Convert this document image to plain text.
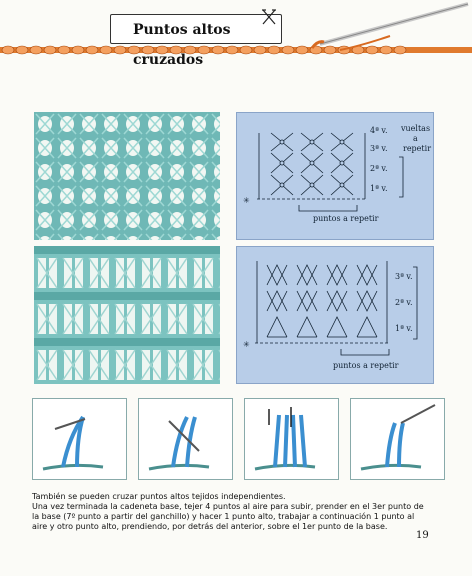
Puntos altos cruzados
4ª v.
3ª v.
2ª v.
1ª v.
vueltas
a
repetir
puntos a repetir
✳
3ª v.
2ª v.
1ª v.
puntos a repetir
✳

También se pueden cruzar puntos altos tejidos independientes.

Una vez terminada la cadeneta base, tejer 4 puntos al aire para subir, prender en el 3er punto de la base (7º punto a partir del ganchillo) y hacer 1 punto alto, trabajar a continuación 1 punto al aire y otro punto alto, prendiendo, por detrás del anterior, sobre el 1er punto de la base.

19
